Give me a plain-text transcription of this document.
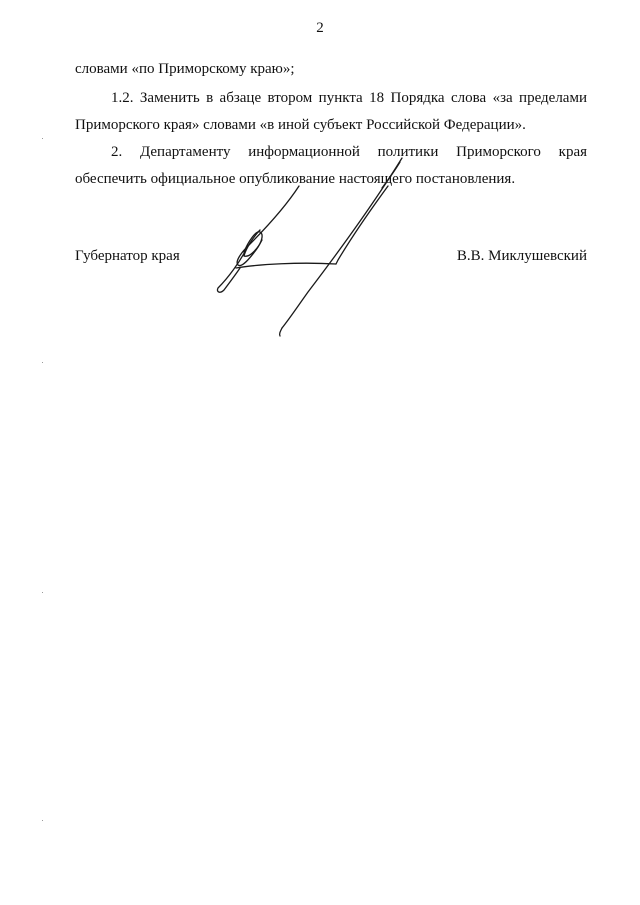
2

словами «по Приморскому краю»;

1.2. Заменить в абзаце втором пункта 18 Порядка слова «за пределами Приморского края» словами «в иной субъект Российской Федерации».

2. Департаменту информационной политики Приморского края обеспечить официальное опубликование настоящего постановления.

Губернатор края	В.В. Миклушевский
